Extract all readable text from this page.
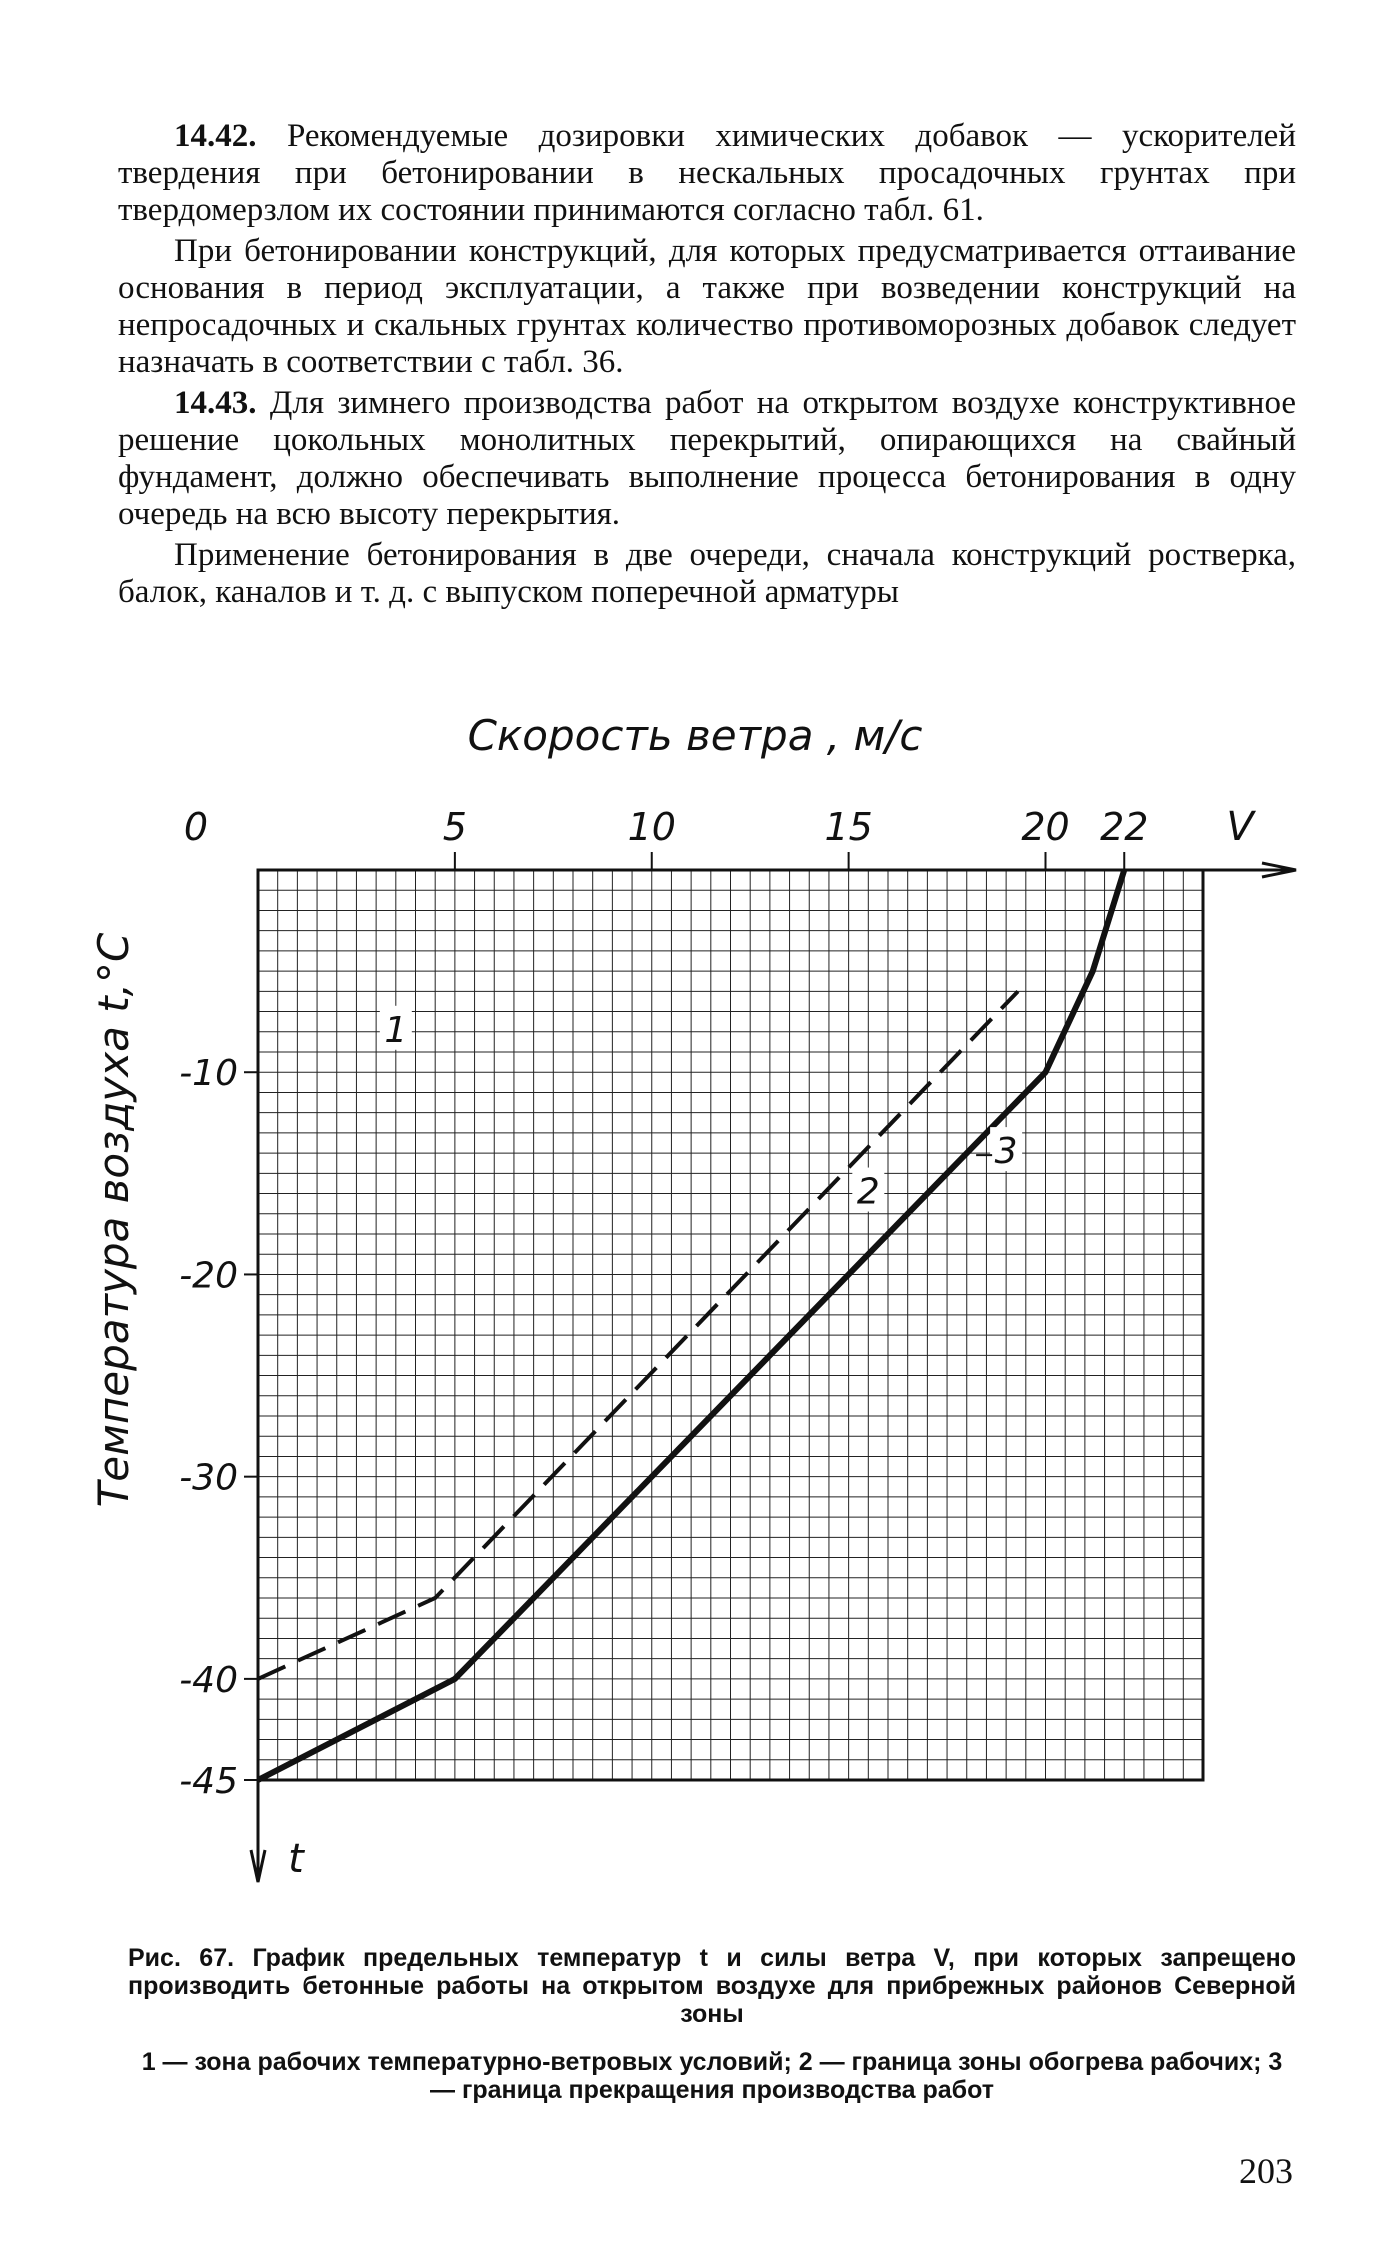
14.42. Рекомендуемые дозировки химических добавок — ускорителей твердения при бетонировании в нескальных просадочных грунтах при твердомерзлом их состоянии принимаются согласно табл. 61.

При бетонировании конструкций, для которых предусматривается оттаивание основания в период эксплуатации, а также при возведении конструкций на непросадочных и скальных грунтах количество противоморозных добавок следует назначать в соответствии с табл. 36.

14.43. Для зимнего производства работ на открытом воздухе конструктивное решение цокольных монолитных перекрытий, опирающихся на свайный фундамент, должно обеспечивать выполнение процесса бетонирования в одну очередь на всю высоту перекрытия.

Применение бетонирования в две очереди, сначала конструкций ростверка, балок, каналов и т. д. с выпуском поперечной арматуры

Скорость ветра , м/с
0	5	10	15	20 22 V
-10
-20
-30
-40
-45
Температура воздуха t,°C
t
1
2
3
Рис. 67. График предельных температур t и силы ветра V, при которых запрещено производить бетонные работы на открытом воздухе для прибрежных районов Северной зоны
1 — зона рабочих температурно-ветровых условий; 2 — граница зоны обогрева рабочих; 3 — граница прекращения производства работ
203
